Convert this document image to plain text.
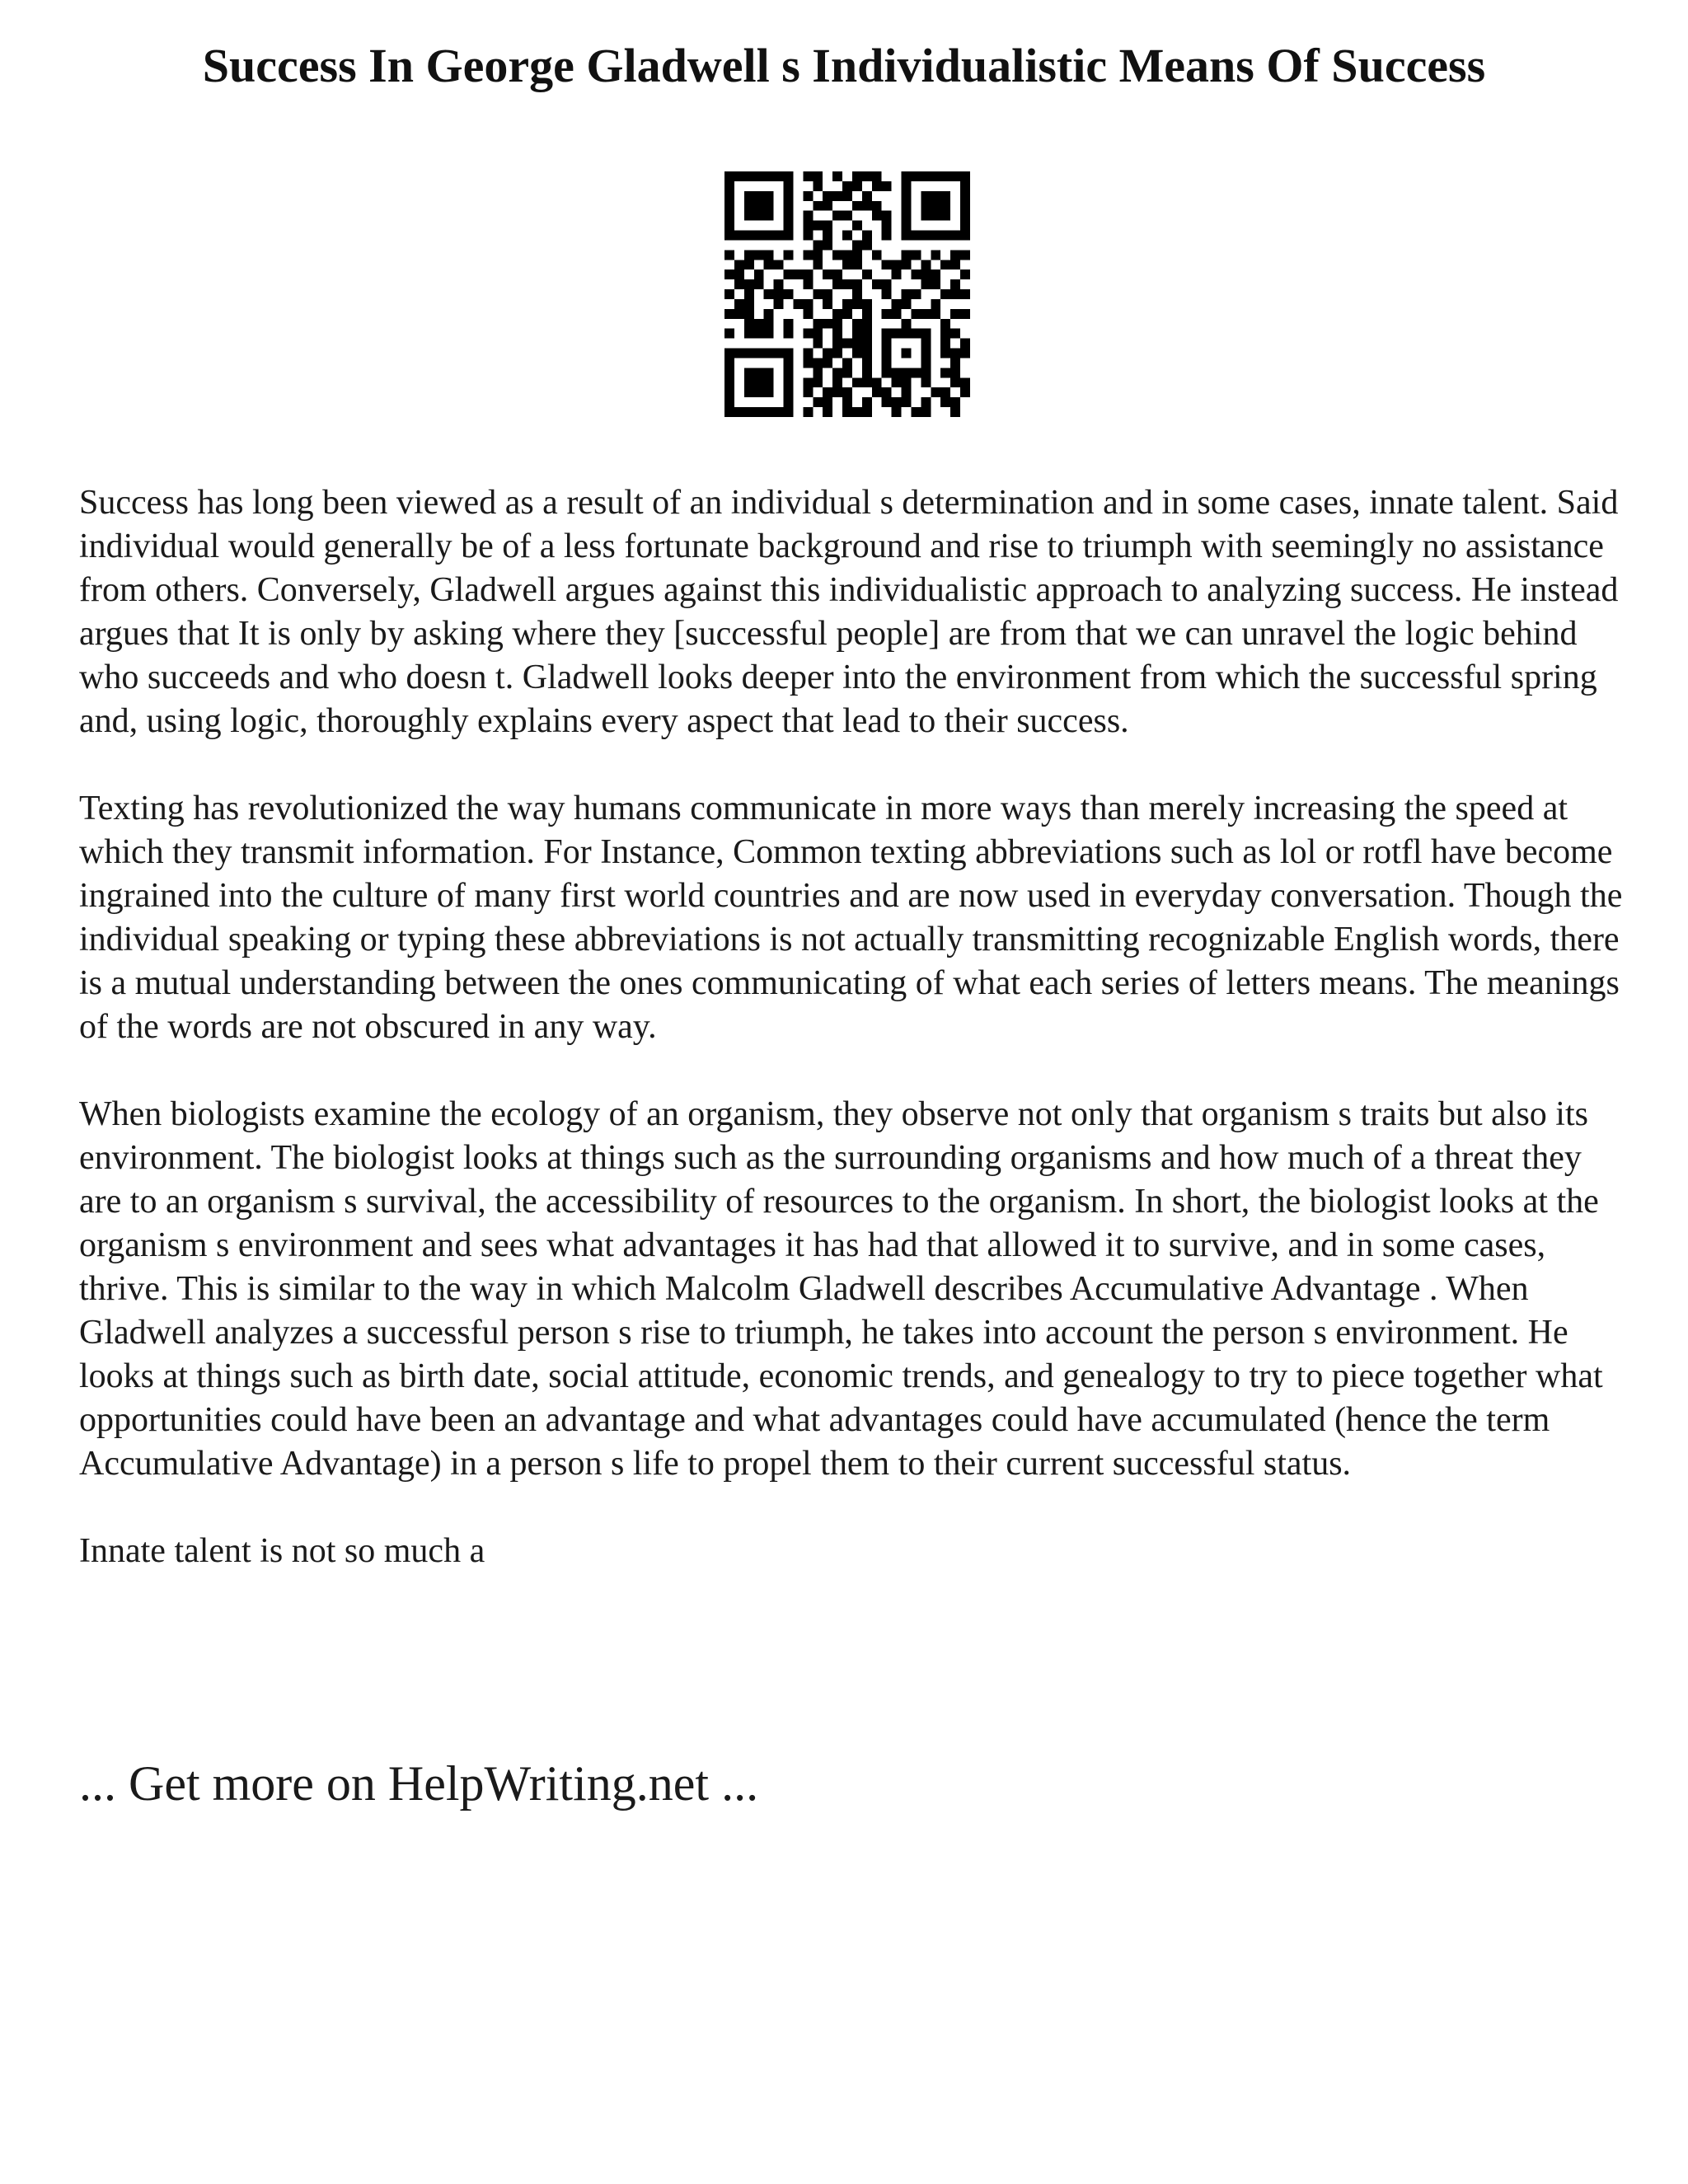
Success In George Gladwell s Individualistic Means Of Success

Success has long been viewed as a result of an individual s determination and in some cases, innate talent. Said individual would generally be of a less fortunate background and rise to triumph with seemingly no assistance from others. Conversely, Gladwell argues against this individualistic approach to analyzing success. He instead argues that It is only by asking where they [successful people] are from that we can unravel the logic behind who succeeds and who doesn t. Gladwell looks deeper into the environment from which the successful spring and, using logic, thoroughly explains every aspect that lead to their success.

Texting has revolutionized the way humans communicate in more ways than merely increasing the speed at which they transmit information. For Instance, Common texting abbreviations such as lol or rotfl have become ingrained into the culture of many first world countries and are now used in everyday conversation. Though the individual speaking or typing these abbreviations is not actually transmitting recognizable English words, there is a mutual understanding between the ones communicating of what each series of letters means. The meanings of the words are not obscured in any way.

When biologists examine the ecology of an organism, they observe not only that organism s traits but also its environment. The biologist looks at things such as the surrounding organisms and how much of a threat they are to an organism s survival, the accessibility of resources to the organism. In short, the biologist looks at the organism s environment and sees what advantages it has had that allowed it to survive, and in some cases, thrive. This is similar to the way in which Malcolm Gladwell describes Accumulative Advantage . When Gladwell analyzes a successful person s rise to triumph, he takes into account the person s environment. He looks at things such as birth date, social attitude, economic trends, and genealogy to try to piece together what opportunities could have been an advantage and what advantages could have accumulated (hence the term Accumulative Advantage) in a person s life to propel them to their current successful status.

Innate talent is not so much a

... Get more on HelpWriting.net ...
